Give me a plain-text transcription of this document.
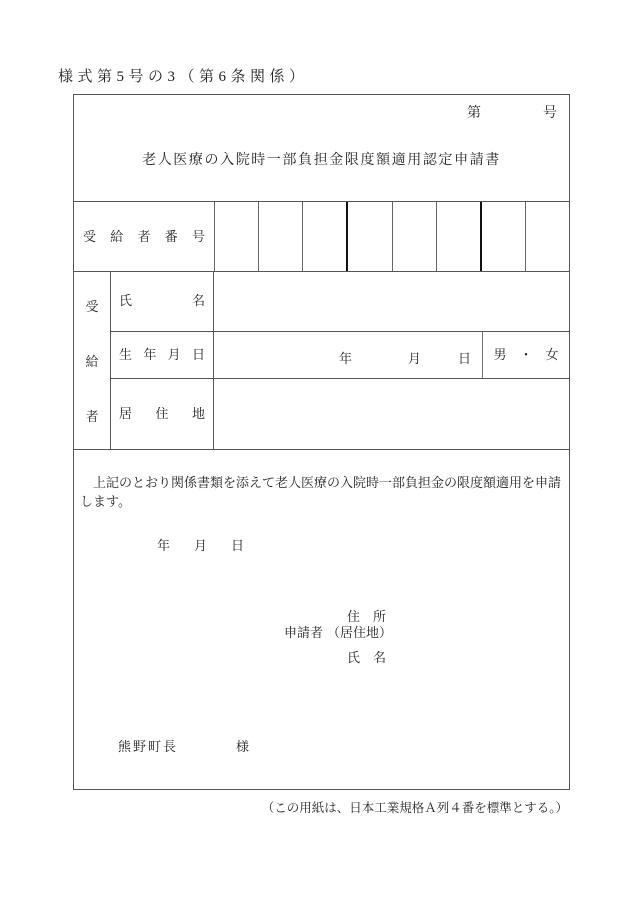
様式第5号の3（第6条関係）
第	号
老人医療の入院時一部負担金限度額適用認定申請書
受給者番号
受
給
者
氏名
生年月日	年	月	日	男　・　女
居住地
　上記のとおり関係書類を添えて老人医療の入院時一部負担金の限度額適用を申請します。
年 月 日
申請者
住　所
（居住地）
氏　名
熊野町長	様
（この用紙は、日本工業規格Ａ列４番を標準とする。）
